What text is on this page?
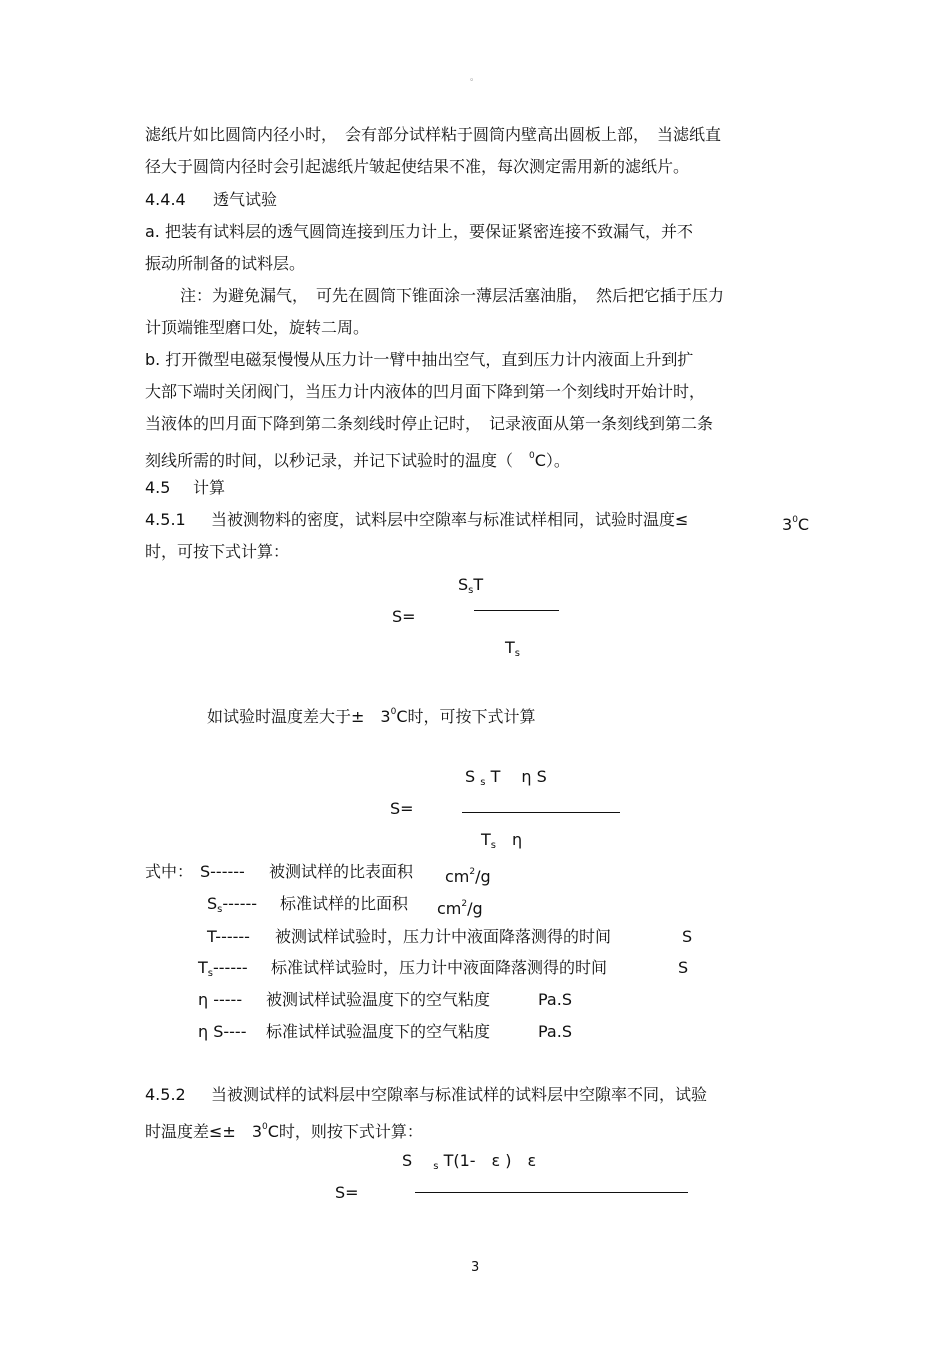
。
滤纸片如比圆筒内径小时，　会有部分试样粘于圆筒内壁高出圆板上部，　当滤纸直
径大于圆筒内径时会引起滤纸片皱起使结果不准，每次测定需用新的滤纸片。
4.4.4 透气试验
a. 把装有试料层的透气圆筒连接到压力计上，要保证紧密连接不致漏气，并不
振动所制备的试料层。
注：为避免漏气，　可先在圆筒下锥面涂一薄层活塞油脂，　然后把它插于压力
计顶端锥型磨口处，旋转二周。
b. 打开微型电磁泵慢慢从压力计一臂中抽出空气，直到压力计内液面上升到扩
大部下端时关闭阀门，当压力计内液体的凹月面下降到第一个刻线时开始计时，
当液体的凹月面下降到第二条刻线时停止记时，　记录液面从第一条刻线到第二条
刻线所需的时间，以秒记录，并记下试验时的温度（　$^0$C）。
4.5 计算
4.5.1 当被测物料的密度，试料层中空隙率与标准试样相同，试验时温度≤	$3^0C$
时，可按下式计算：
$S_sT$
S=
$T_s$
如试验时温度差大于±　$3^0C$时，可按下式计算
S $_s$ T　 η S
S=
$T_s$　η
式中： S------ 被测试样的比表面积 $cm^2/g$
$S_s------$ 标准试样的比面积 $cm^2/g$
T------ 被测试样试验时，压力计中液面降落测得的时间	S
$T_s------$ 标准试样试验时，压力计中液面降落测得的时间	S
η ----- 被测试样试验温度下的空气粘度	Pa.S
η S---- 标准试样试验温度下的空气粘度	Pa.S
4.5.2 当被测试样的试料层中空隙率与标准试样的试料层中空隙率不同，试验
时温度差≤±　$3^0C$时，则按下式计算：
S　 $_s$ T(1-　ε )　ε
S=
3
